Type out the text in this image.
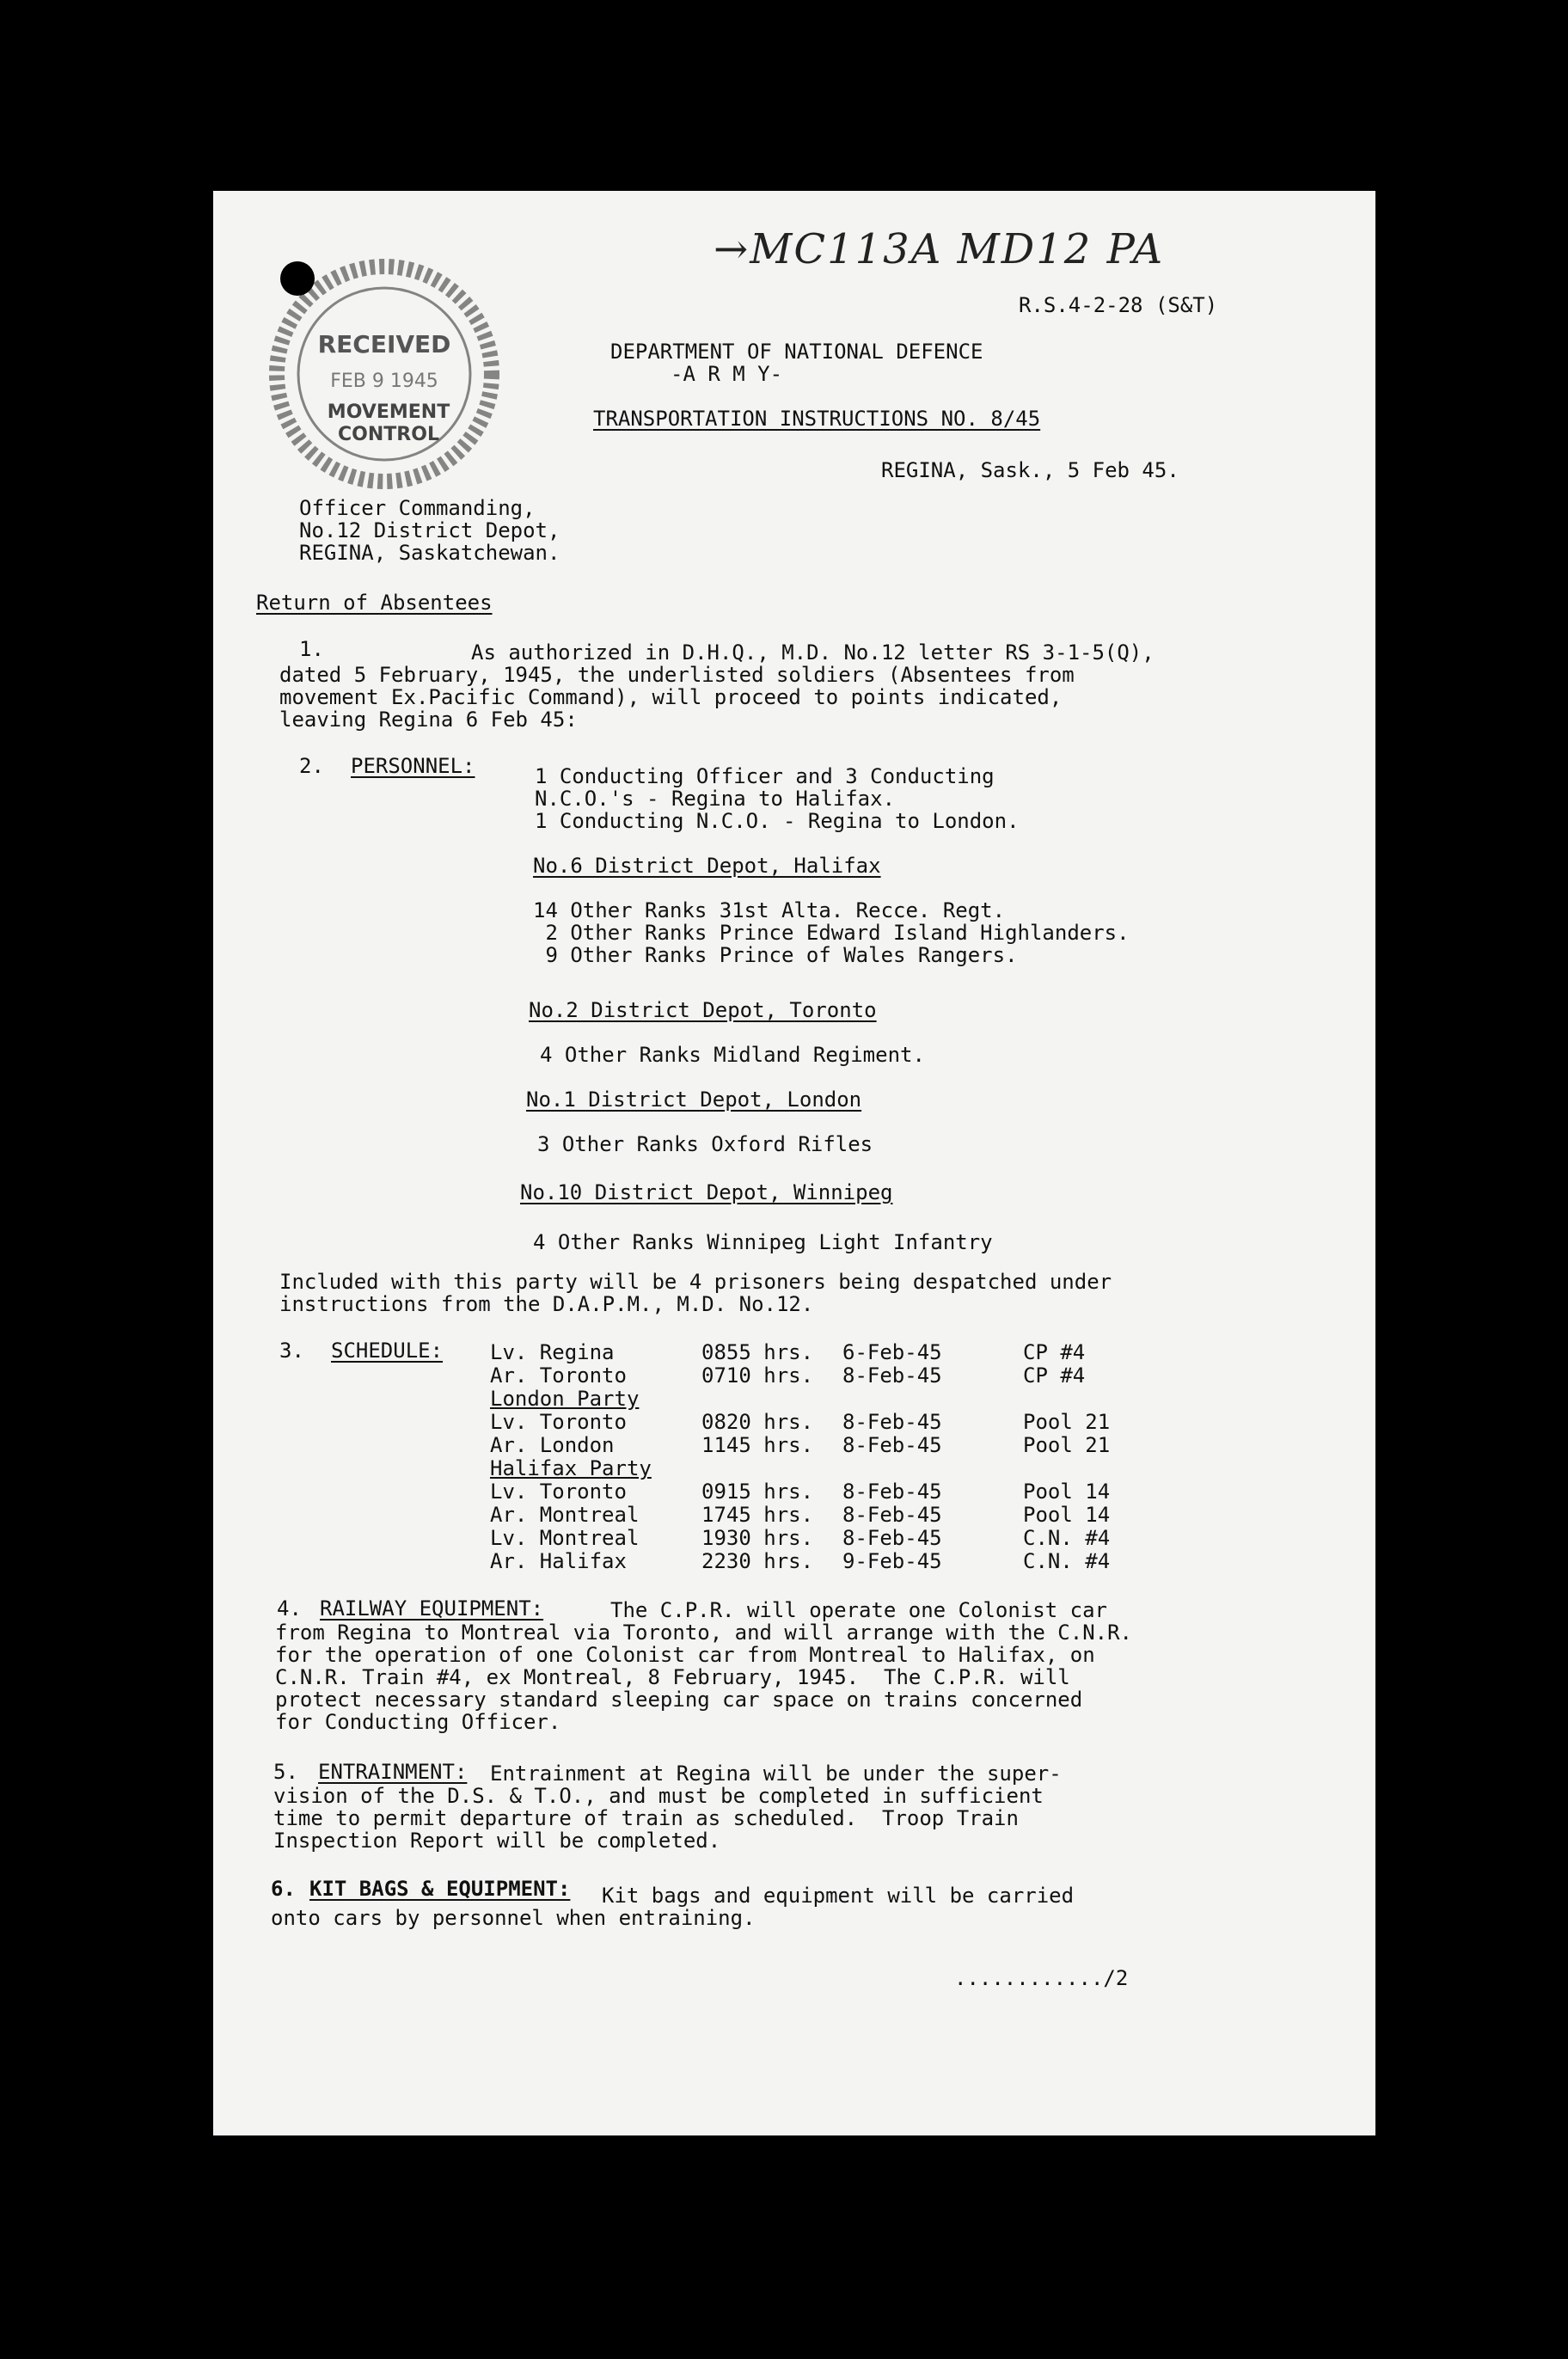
RECEIVED
FEB 9 1945
MOVEMENT
CONTROL
→MC113A MD12 PA
R.S.4-2-28 (S&T)
DEPARTMENT OF NATIONAL DEFENCE
-A R M Y-
TRANSPORTATION INSTRUCTIONS NO. 8/45
REGINA, Sask., 5 Feb 45.
Officer Commanding,
No.12 District Depot,
REGINA, Saskatchewan.
Return of Absentees
1.	As authorized in D.H.Q., M.D. No.12 letter RS 3-1-5(Q),
dated 5 February, 1945, the underlisted soldiers (Absentees from
movement Ex.Pacific Command), will proceed to points indicated,
leaving Regina 6 Feb 45:
2. PERSONNEL:	1 Conducting Officer and 3 Conducting
N.C.O.'s - Regina to Halifax.
1 Conducting N.C.O. - Regina to London.
No.6 District Depot, Halifax
14 Other Ranks 31st Alta. Recce. Regt.
2 Other Ranks Prince Edward Island Highlanders.
9 Other Ranks Prince of Wales Rangers.
No.2 District Depot, Toronto
4 Other Ranks Midland Regiment.
No.1 District Depot, London
3 Other Ranks Oxford Rifles
No.10 District Depot, Winnipeg
4 Other Ranks Winnipeg Light Infantry
Included with this party will be 4 prisoners being despatched under
instructions from the D.A.P.M., M.D. No.12.
3. SCHEDULE: Lv. Regina	0855 hrs. 6-Feb-45	CP #4
Ar. Toronto	0710 hrs. 8-Feb-45	CP #4
London Party
Lv. Toronto	0820 hrs. 8-Feb-45	Pool 21
Ar. London	1145 hrs. 8-Feb-45	Pool 21
Halifax Party
Lv. Toronto	0915 hrs. 8-Feb-45	Pool 14
Ar. Montreal	1745 hrs. 8-Feb-45	Pool 14
Lv. Montreal	1930 hrs. 8-Feb-45	C.N. #4
Ar. Halifax	2230 hrs. 9-Feb-45	C.N. #4
4. RAILWAY EQUIPMENT:	The C.P.R. will operate one Colonist car
from Regina to Montreal via Toronto, and will arrange with the C.N.R.
for the operation of one Colonist car from Montreal to Halifax, on
C.N.R. Train #4, ex Montreal, 8 February, 1945.  The C.P.R. will
protect necessary standard sleeping car space on trains concerned
for Conducting Officer.
5. ENTRAINMENT: Entrainment at Regina will be under the super-
vision of the D.S. & T.O., and must be completed in sufficient
time to permit departure of train as scheduled.  Troop Train
Inspection Report will be completed.
6. KIT BAGS & EQUIPMENT: Kit bags and equipment will be carried
onto cars by personnel when entraining.
............/2
